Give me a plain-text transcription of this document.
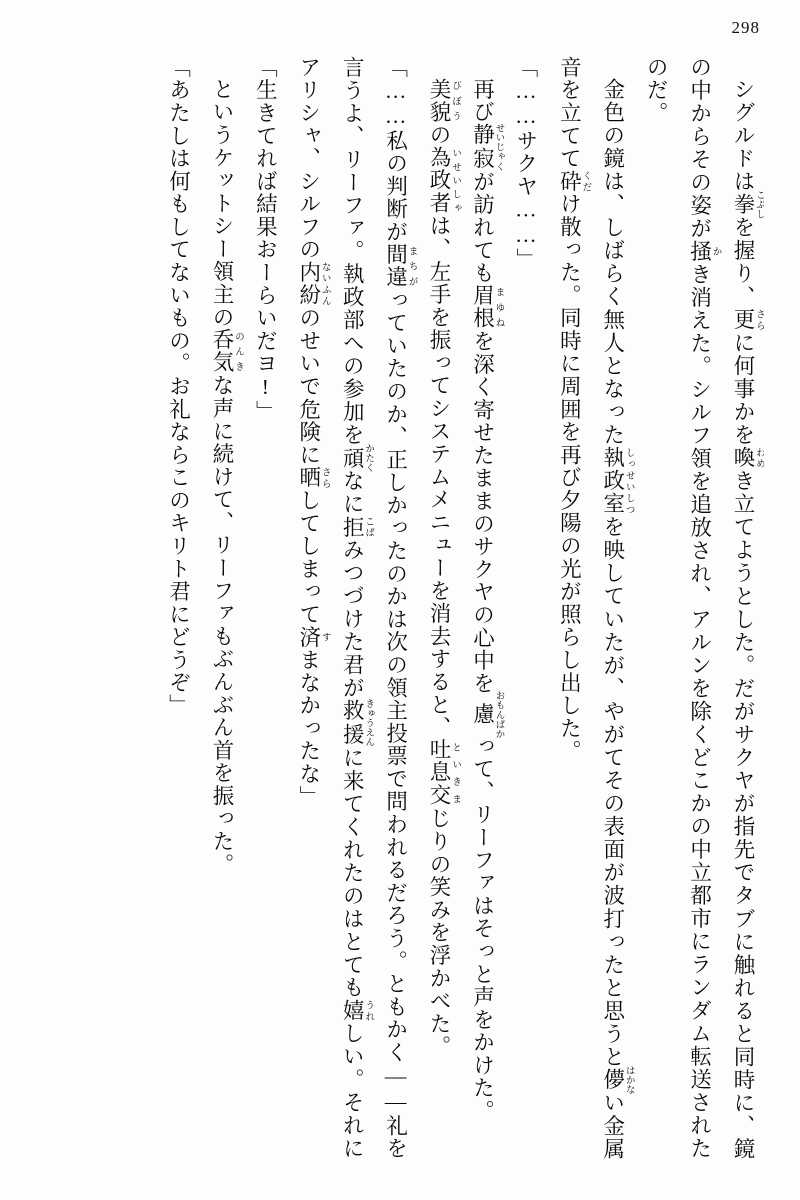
298

シグルドは拳 こぶしを握り、更 さらに何事かを喚 わめき立てようとした。だがサクヤが指先でタブに触れると同時に、鏡の中からその姿が掻 かき消えた。シルフ領を追放され、アルンを除くどこかの中立都市にランダム転送されたのだ。

金色の鏡は、しばらく無人となった執政室 しっせいしつを映していたが、やがてその表面が波打ったと思うと儚 はかない金属音を立てて砕 くだけ散った。同時に周囲を再び夕陽の光が照らし出した。

「……サクヤ……」

再び静寂 せいじゃくが訪れても眉根 まゆねを深く寄せたままのサクヤの心中を慮 おもんぱかって、リーファはそっと声をかけた。

美貌 びぼうの為政者 いせいしゃは、左手を振ってシステムメニューを消去すると、吐息交 といきまじりの笑みを浮かべた。

「……私の判断が間違 まちがっていたのか、正しかったのかは次の領主投票で問われるだろう。ともかく――礼を言うよ、リーファ。執政部への参加を頑 かたくなに拒 こばみつづけた君が救援 きゅうえんに来てくれたのはとても嬉 うれしい。それにアリシャ、シルフの内紛 ないふんのせいで危険に晒 さらしてしまって済 すまなかったな」

「生きてれば結果おーらいだヨ!」

というケットシー領主の呑気 のんきな声に続けて、リーファもぶんぶん首を振った。

「あたしは何もしてないもの。お礼ならこのキリト君にどうぞ」
